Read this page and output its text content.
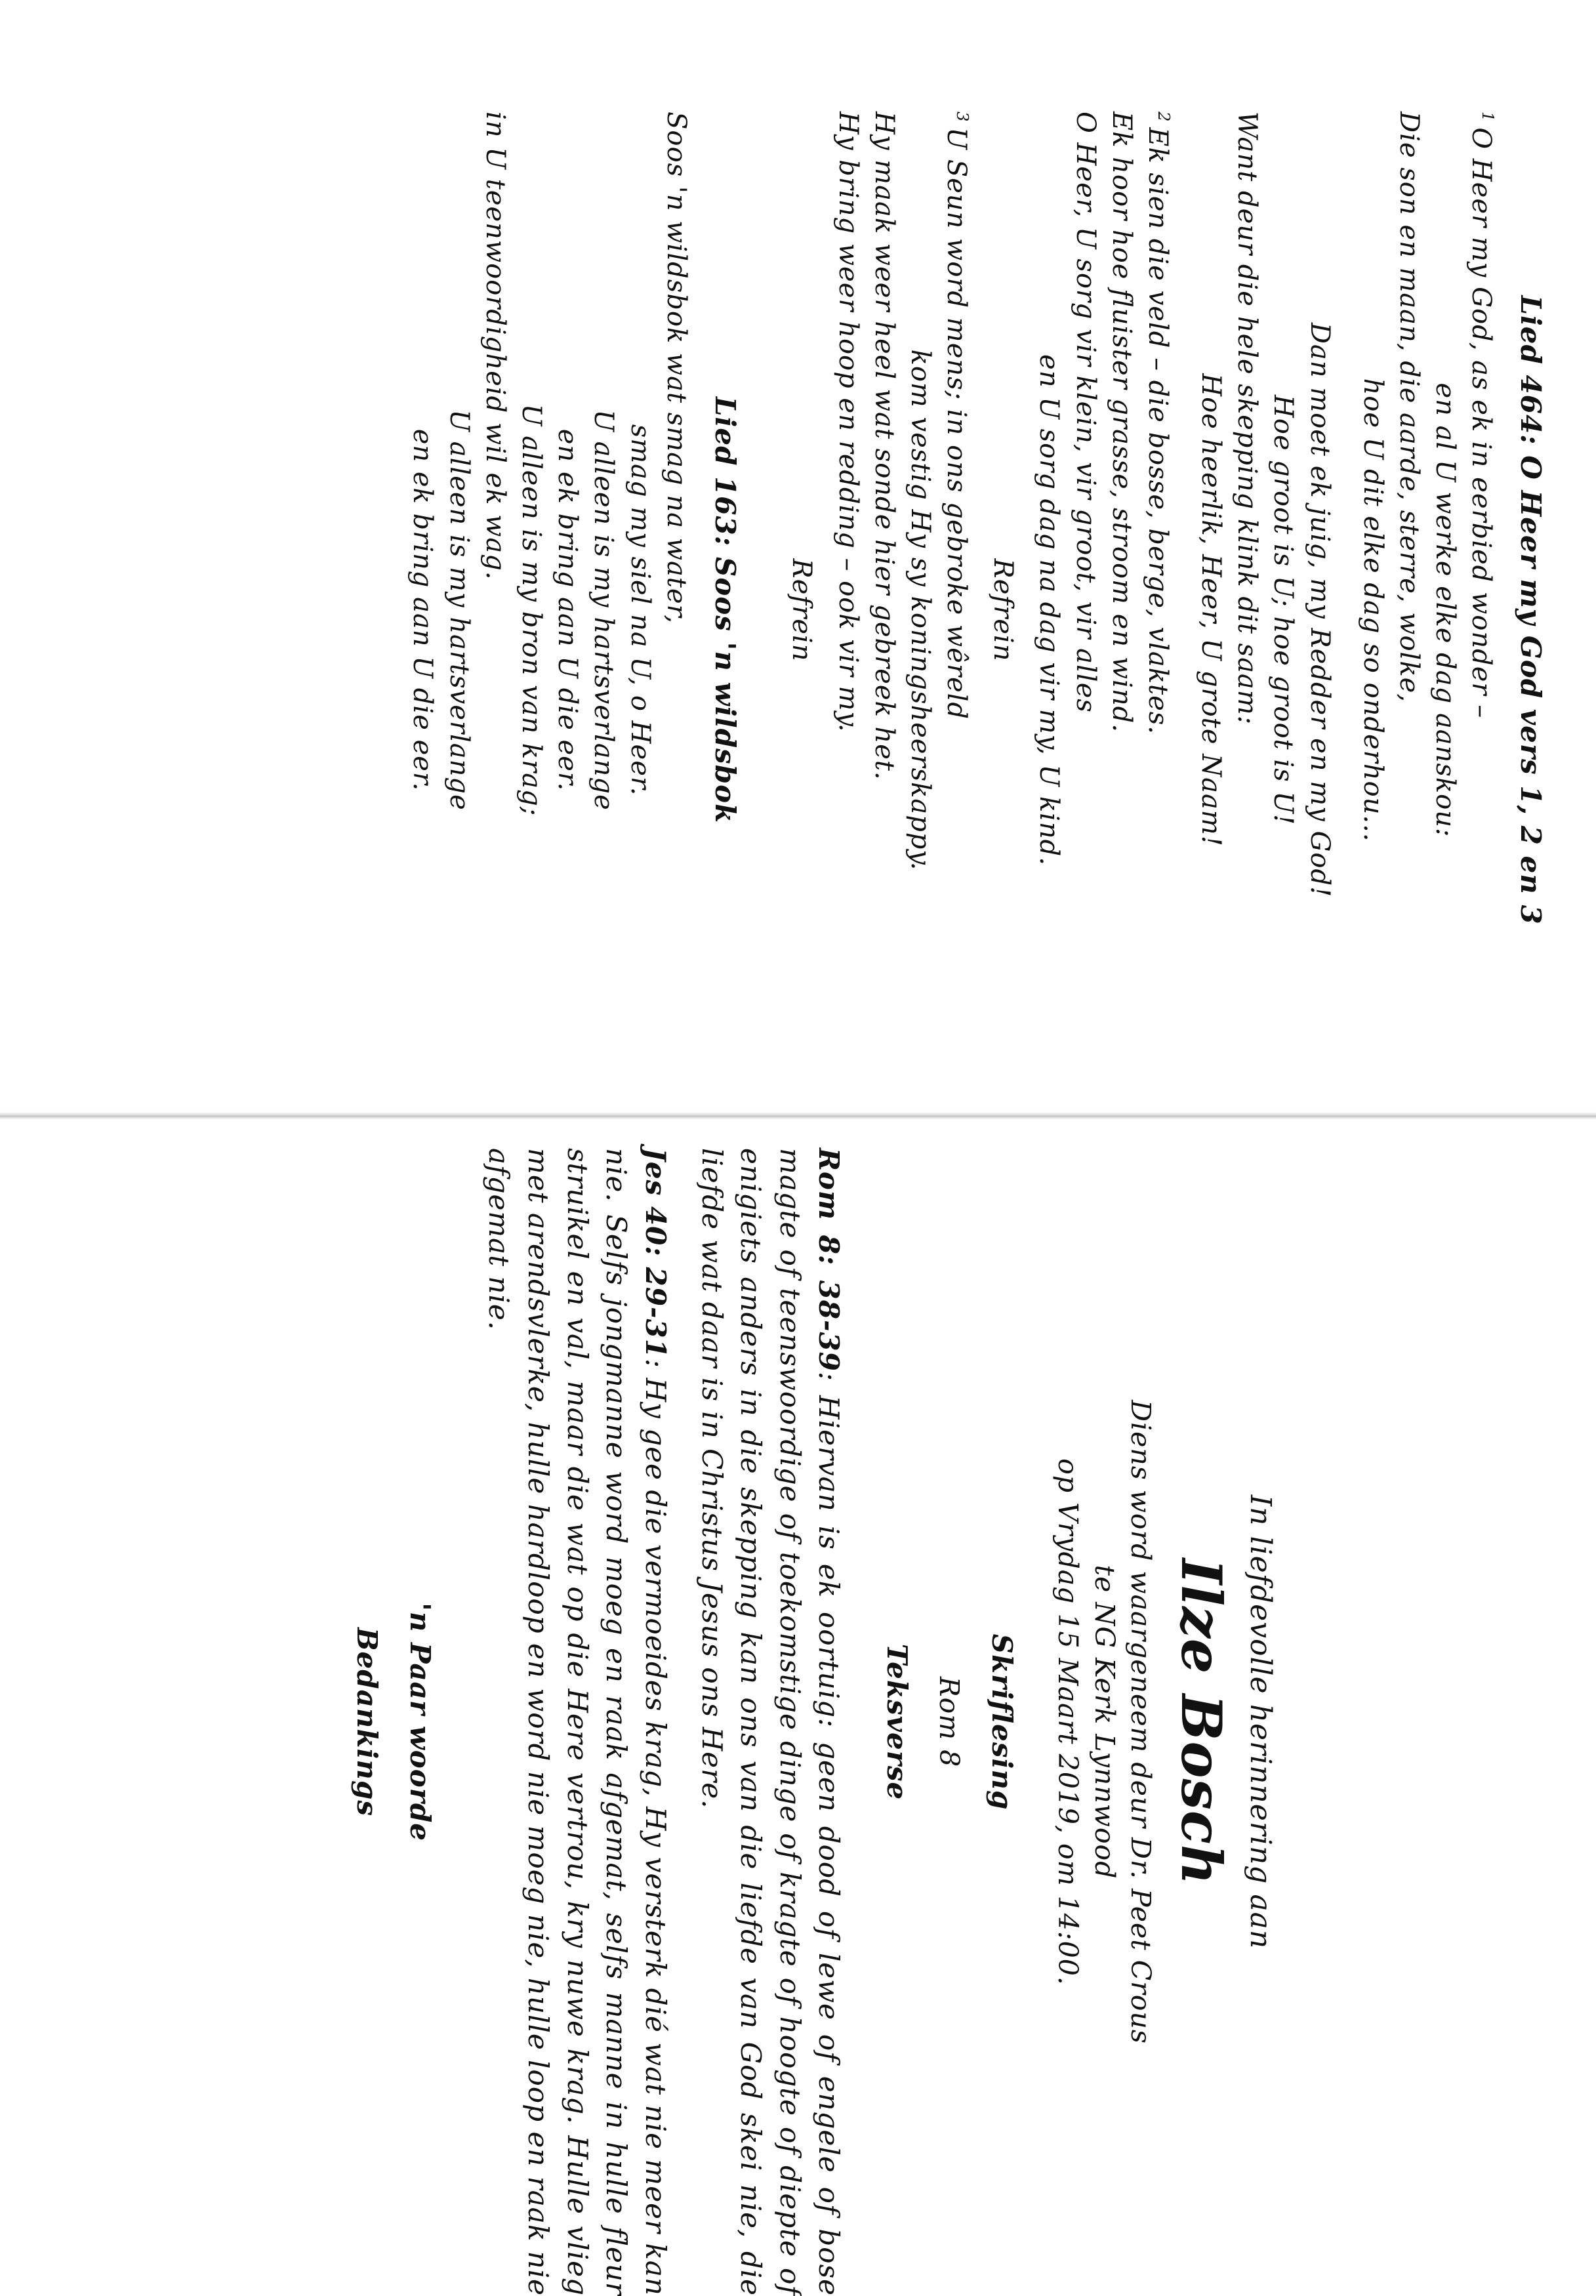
In liefdevolle herinnering aan

Ilze Bosch

Diens word waargeneem deur Dr. Peet Crous

te NG Kerk Lynnwood

op Vrydag 15 Maart 2019, om 14:00.

Skriflesing

Rom 8

Teksverse

Rom 8: 38-39: Hiervan is ek oortuig: geen dood of lewe of engele of bose magte of teenswoordige of toekomstige dinge of kragte of hoogte of diepte of enigiets anders in die skepping kan ons van die liefde van God skei nie, die liefde wat daar is in Christus Jesus ons Here.

Jes 40: 29-31: Hy gee die vermoeides krag, Hy versterk dié wat nie meer kan nie. Selfs jongmanne word moeg en raak afgemat, selfs manne in hulle fleur struikel en val, maar die wat op die Here vertrou, kry nuwe krag. Hulle vlieg met arendsvlerke, hulle hardloop en word nie moeg nie, hulle loop en raak nie afgemat nie.

'n Paar woorde

Bedankings

Lied 464: O Heer my God vers 1, 2 en 3

$^1$O Heer my God, as ek in eerbied wonder –

en al U werke elke dag aanskou:

Die son en maan, die aarde, sterre, wolke,

hoe U dit elke dag so onderhou...

Dan moet ek juig, my Redder en my God!

Hoe groot is U; hoe groot is U!

Want deur die hele skepping klink dit saam:

Hoe heerlik, Heer, U grote Naam!

$^2$Ek sien die veld – die bosse, berge, vlaktes.

Ek hoor hoe fluister grasse, stroom en wind.

O Heer, U sorg vir klein, vir groot, vir alles

en U sorg dag na dag vir my, U kind.

Refrein

$^3$U Seun word mens; in ons gebroke wêreld

kom vestig Hy sy koningsheerskappy.

Hy maak weer heel wat sonde hier gebreek het.

Hy bring weer hoop en redding – ook vir my.

Refrein

Lied 163: Soos 'n wildsbok

Soos 'n wildsbok wat smag na water,

smag my siel na U, o Heer.

U alleen is my hartsverlange

en ek bring aan U die eer.

U alleen is my bron van krag;

in U teenwoordigheid wil ek wag.

U alleen is my hartsverlange

en ek bring aan U die eer.
